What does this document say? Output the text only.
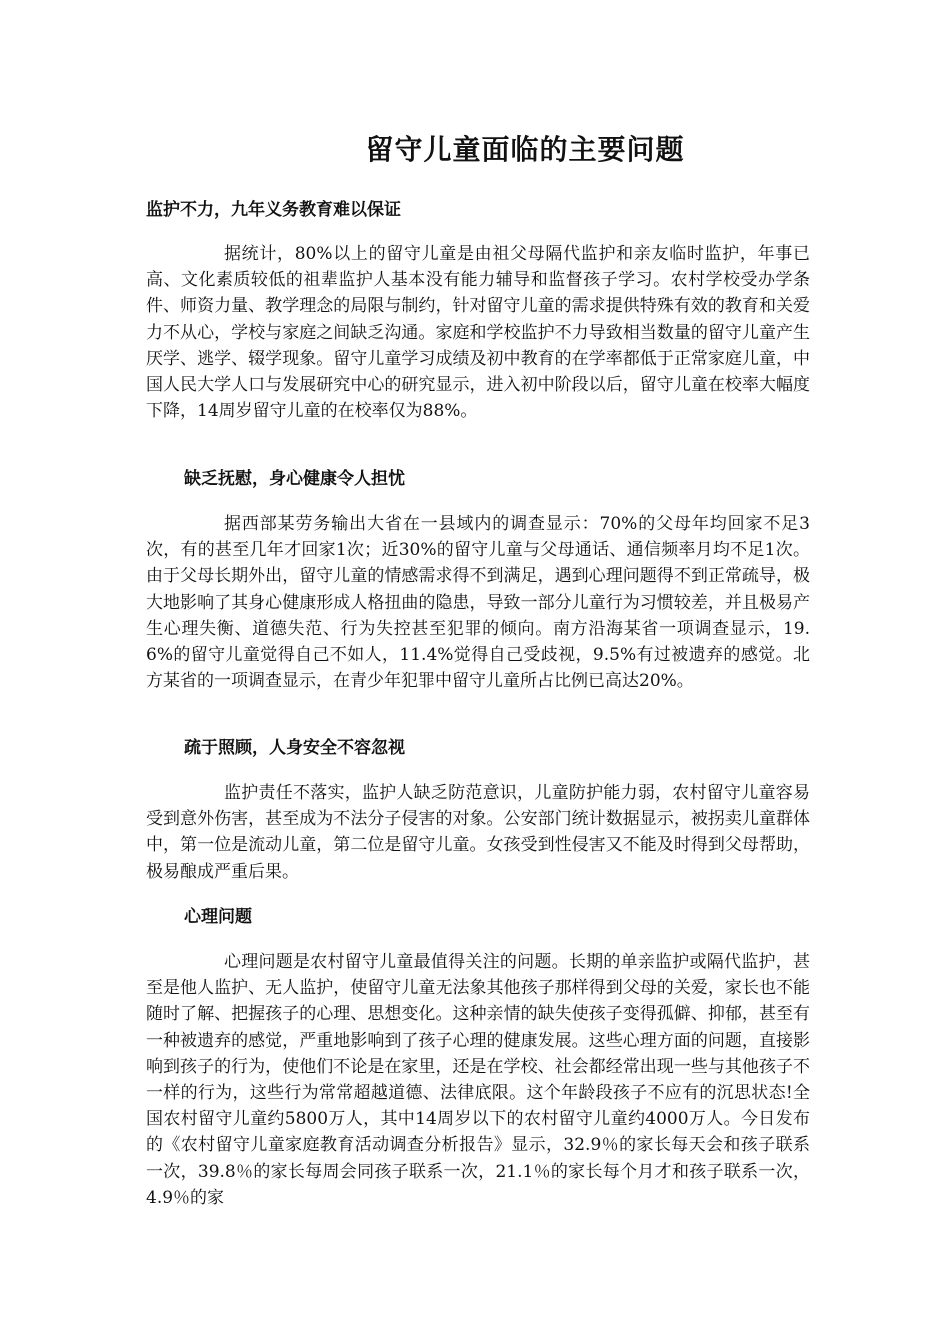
留守儿童面临的主要问题
监护不力，九年义务教育难以保证

据统计，80%以上的留守儿童是由祖父母隔代监护和亲友临时监护，年事已高、文化素质较低的祖辈监护人基本没有能力辅导和监督孩子学习。农村学校受办学条件、师资力量、教学理念的局限与制约，针对留守儿童的需求提供特殊有效的教育和关爱力不从心，学校与家庭之间缺乏沟通。家庭和学校监护不力导致相当数量的留守儿童产生厌学、逃学、辍学现象。留守儿童学习成绩及初中教育的在学率都低于正常家庭儿童，中国人民大学人口与发展研究中心的研究显示，进入初中阶段以后，留守儿童在校率大幅度下降，14周岁留守儿童的在校率仅为88%。

缺乏抚慰，身心健康令人担忧

据西部某劳务输出大省在一县域内的调查显示：70%的父母年均回家不足3次，有的甚至几年才回家1次；近30%的留守儿童与父母通话、通信频率月均不足1次。由于父母长期外出，留守儿童的情感需求得不到满足，遇到心理问题得不到正常疏导，极大地影响了其身心健康形成人格扭曲的隐患，导致一部分儿童行为习惯较差，并且极易产生心理失衡、道德失范、行为失控甚至犯罪的倾向。南方沿海某省一项调查显示，19.6%的留守儿童觉得自己不如人，11.4%觉得自己受歧视，9.5%有过被遗弃的感觉。北方某省的一项调查显示，在青少年犯罪中留守儿童所占比例已高达20%。

疏于照顾，人身安全不容忽视

监护责任不落实，监护人缺乏防范意识，儿童防护能力弱，农村留守儿童容易受到意外伤害，甚至成为不法分子侵害的对象。公安部门统计数据显示，被拐卖儿童群体中，第一位是流动儿童，第二位是留守儿童。女孩受到性侵害又不能及时得到父母帮助，极易酿成严重后果。

心理问题

心理问题是农村留守儿童最值得关注的问题。长期的单亲监护或隔代监护，甚至是他人监护、无人监护，使留守儿童无法象其他孩子那样得到父母的关爱，家长也不能随时了解、把握孩子的心理、思想变化。这种亲情的缺失使孩子变得孤僻、抑郁，甚至有一种被遗弃的感觉，严重地影响到了孩子心理的健康发展。这些心理方面的问题，直接影响到孩子的行为，使他们不论是在家里，还是在学校、社会都经常出现一些与其他孩子不一样的行为，这些行为常常超越道德、法律底限。这个年龄段孩子不应有的沉思状态!全国农村留守儿童约5800万人，其中14周岁以下的农村留守儿童约4000万人。今日发布的《农村留守儿童家庭教育活动调查分析报告》显示，32.9％的家长每天会和孩子联系一次，39.8％的家长每周会同孩子联系一次，21.1％的家长每个月才和孩子联系一次，4.9％的家
